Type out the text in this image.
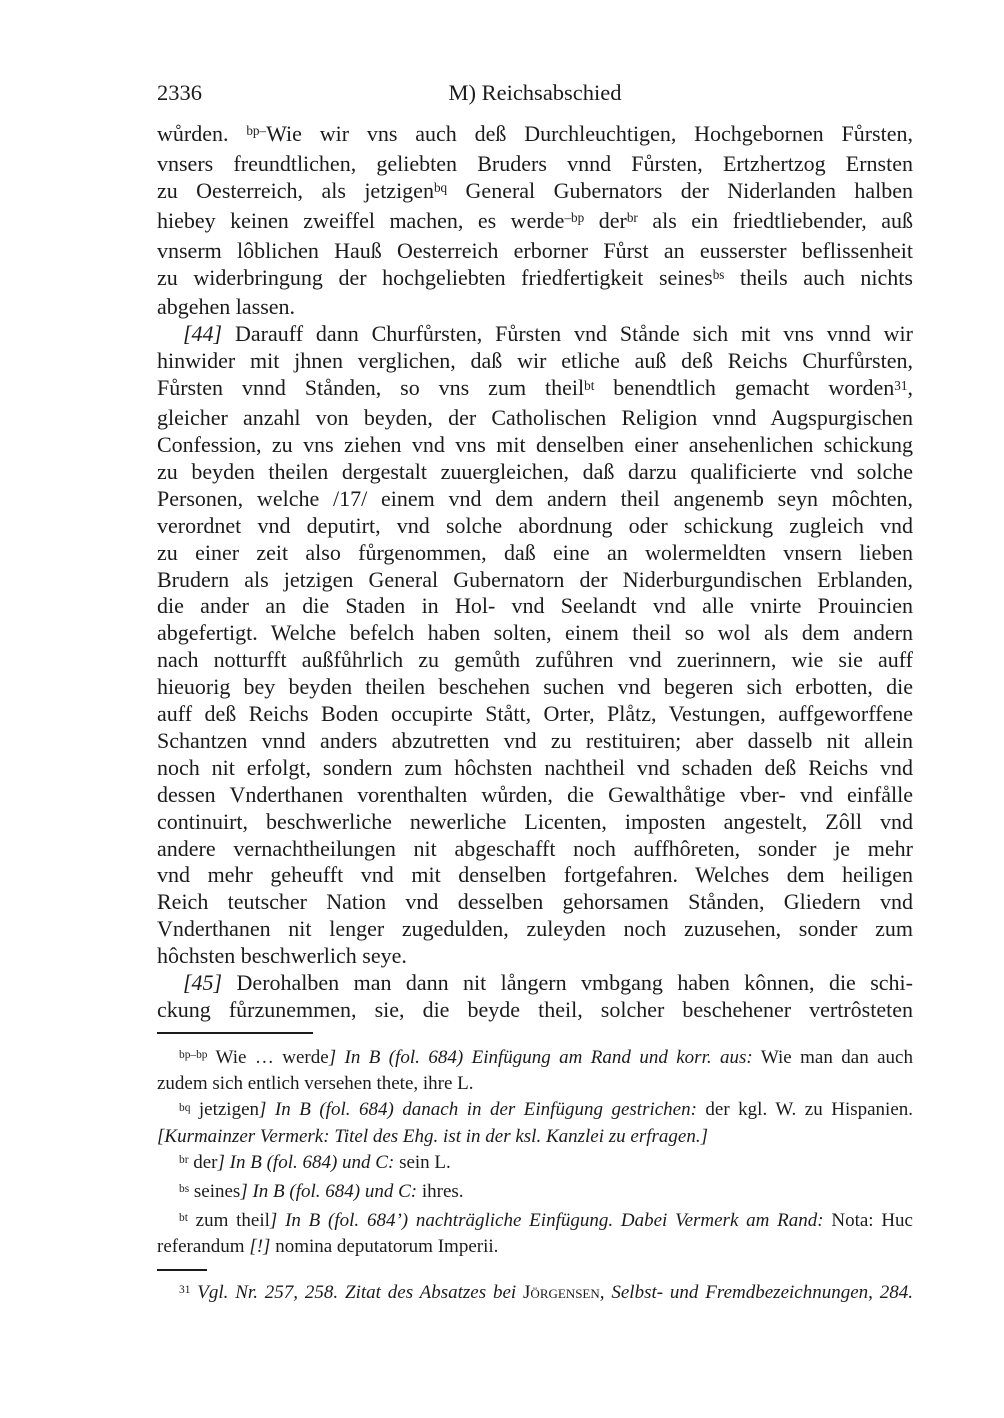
2336	M) Reichsabschied
wůrden. $^{bp-}$Wie wir vns auch deß Durchleuchtigen, Hochgebornen Fůrsten,
vnsers freundtlichen, geliebten Bruders vnnd Fůrsten, Ertzhertzog Ernsten
zu Oesterreich, als jetzigen$^{bq}$ General Gubernators der Niderlanden halben
hiebey keinen zweiffel machen, es werde$^{-bp}$ der$^{br}$ als ein friedtliebender, auß
vnserm lôblichen Hauß Oesterreich erborner Fůrst an eusserster beflissenheit
zu widerbringung der hochgeliebten friedfertigkeit seines$^{bs}$ theils auch nichts
abgehen lassen.
[44] Darauff dann Churfůrsten, Fůrsten vnd Stånde sich mit vns vnnd wir
hinwider mit jhnen verglichen, daß wir etliche auß deß Reichs Churfůrsten,
Fůrsten vnnd Stånden, so vns zum theil$^{bt}$ benendtlich gemacht worden$^{31}$,
gleicher anzahl von beyden, der Catholischen Religion vnnd Augspurgischen
Confession, zu vns ziehen vnd vns mit denselben einer ansehenlichen schickung
zu beyden theilen dergestalt zuuergleichen, daß darzu qualificierte vnd solche
Personen, welche /17/ einem vnd dem andern theil angenemb seyn môchten,
verordnet vnd deputirt, vnd solche abordnung oder schickung zugleich vnd
zu einer zeit also fůrgenommen, daß eine an wolermeldten vnsern lieben
Brudern als jetzigen General Gubernatorn der Niderburgundischen Erblanden,
die ander an die Staden in Hol- vnd Seelandt vnd alle vnirte Prouincien
abgefertigt. Welche befelch haben solten, einem theil so wol als dem andern
nach notturfft außfůhrlich zu gemůth zufůhren vnd zuerinnern, wie sie auff
hieuorig bey beyden theilen beschehen suchen vnd begeren sich erbotten, die
auff deß Reichs Boden occupirte Stått, Orter, Plåtz, Vestungen, auffgeworffene
Schantzen vnnd anders abzutretten vnd zu restituiren; aber dasselb nit allein
noch nit erfolgt, sondern zum hôchsten nachtheil vnd schaden deß Reichs vnd
dessen Vnderthanen vorenthalten wůrden, die Gewalthåtige vber- vnd einfålle
continuirt, beschwerliche newerliche Licenten, imposten angestelt, Zôll vnd
andere vernachtheilungen nit abgeschafft noch auffhôreten, sonder je mehr
vnd mehr geheufft vnd mit denselben fortgefahren. Welches dem heiligen
Reich teutscher Nation vnd desselben gehorsamen Stånden, Gliedern vnd
Vnderthanen nit lenger zugedulden, zuleyden noch zuzusehen, sonder zum
hôchsten beschwerlich seye.
[45] Derohalben man dann nit långern vmbgang haben kônnen, die schi-
ckung fůrzunemmen, sie, die beyde theil, solcher beschehener vertrôsteten
$^{bp-bp}$ Wie … werde] In B (fol. 684) Einfügung am Rand und korr. aus: Wie man dan auch
zudem sich entlich versehen thete, ihre L.
$^{bq}$ jetzigen] In B (fol. 684) danach in der Einfügung gestrichen: der kgl. W. zu Hispanien.
[Kurmainzer Vermerk: Titel des Ehg. ist in der ksl. Kanzlei zu erfragen.]
$^{br}$ der] In B (fol. 684) und C: sein L.
$^{bs}$ seines] In B (fol. 684) und C: ihres.
$^{bt}$ zum theil] In B (fol. 684’) nachträgliche Einfügung. Dabei Vermerk am Rand: Nota: Huc
referandum [!] nomina deputatorum Imperii.
$^{31}$ Vgl. Nr. 257, 258. Zitat des Absatzes bei Jörgensen, Selbst- und Fremdbezeichnungen, 284.
